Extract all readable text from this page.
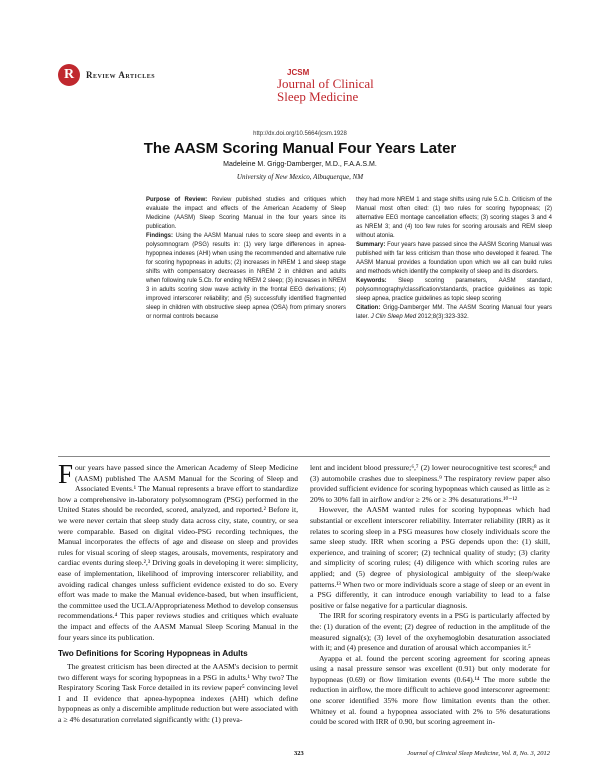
R	Review Articles	JCSM
Journal of Clinical
Sleep Medicine
http://dx.doi.org/10.5664/jcsm.1928
The AASM Scoring Manual Four Years Later
Madeleine M. Grigg-Damberger, M.D., F.A.A.S.M.
University of New Mexico, Albuquerque, NM

Purpose of Review: Review published studies and critiques which evaluate the impact and effects of the American Academy of Sleep Medicine (AASM) Sleep Scoring Manual in the four years since its publication.

Findings: Using the AASM Manual rules to score sleep and events in a polysomnogram (PSG) results in: (1) very large differences in apnea-hypopnea indexes (AHI) when using the recommended and alternative rule for scoring hypopneas in adults; (2) increases in NREM 1 and sleep stage shifts with compensatory decreases in NREM 2 in children and adults when following rule 5.Cb. for ending NREM 2 sleep; (3) increases in NREM 3 in adults scoring slow wave activity in the frontal EEG derivations; (4) improved interscorer reliability; and (5) successfully identified fragmented sleep in children with obstructive sleep apnea (OSA) from primary snorers or normal controls because

they had more NREM 1 and stage shifts using rule 5.C.b. Criticism of the Manual most often cited: (1) two rules for scoring hypopneas; (2) alternative EEG montage cancellation effects; (3) scoring stages 3 and 4 as NREM 3; and (4) too few rules for scoring arousals and REM sleep without atonia.

Summary: Four years have passed since the AASM Scoring Manual was published with far less criticism than those who developed it feared. The AASM Manual provides a foundation upon which we all can build rules and methods which identify the complexity of sleep and its disorders.

Keywords: Sleep scoring parameters, AASM standard, polysomnography/classification/standards, practice guidelines as topic sleep apnea, practice guidelines as topic sleep scoring

Citation: Grigg-Damberger MM. The AASM Scoring Manual four years later. J Clin Sleep Med 2012;8(3):323-332.

Four years have passed since the American Academy of Sleep Medicine (AASM) published The AASM Manual for the Scoring of Sleep and Associated Events.¹ The Manual represents a brave effort to standardize how a comprehensive in-laboratory polysomnogram (PSG) performed in the United States should be recorded, scored, analyzed, and reported.² Before it, we were never certain that sleep study data across city, state, country, or sea were comparable. Based on digital video-PSG recording techniques, the Manual incorporates the effects of age and disease on sleep and provides rules for visual scoring of sleep stages, arousals, movements, respiratory and cardiac events during sleep.²,³ Driving goals in developing it were: simplicity, ease of implementation, likelihood of improving interscorer reliability, and avoiding radical changes unless sufficient evidence existed to do so. Every effort was made to make the Manual evidence-based, but when insufficient, the committee used the UCLA/Appropriateness Method to develop consensus recommendations.⁴ This paper reviews studies and critiques which evaluate the impact and effects of the AASM Manual Sleep Scoring Manual in the four years since its publication.

Two Definitions for Scoring Hypopneas in Adults

The greatest criticism has been directed at the AASM's decision to permit two different ways for scoring hypopneas in a PSG in adults.¹ Why two? The Respiratory Scoring Task Force detailed in its review paper⁵ convincing level I and II evidence that apnea-hypopnea indexes (AHI) which define hypopneas as only a discernible amplitude reduction but were associated with a ≥ 4% desaturation correlated significantly with: (1) preva-

lent and incident blood pressure;⁶,⁷ (2) lower neurocognitive test scores;⁸ and (3) automobile crashes due to sleepiness.⁹ The respiratory review paper also provided sufficient evidence for scoring hypopneas which caused as little as ≥ 20% to 30% fall in airflow and/or ≥ 2% or ≥ 3% desaturations.¹⁰⁻¹²

However, the AASM wanted rules for scoring hypopneas which had substantial or excellent interscorer reliability. Interrater reliability (IRR) as it relates to scoring sleep in a PSG measures how closely individuals score the same sleep study. IRR when scoring a PSG depends upon the: (1) skill, experience, and training of scorer; (2) technical quality of study; (3) clarity and simplicity of scoring rules; (4) diligence with which scoring rules are applied; and (5) degree of physiological ambiguity of the sleep/wake patterns.¹³ When two or more individuals score a stage of sleep or an event in a PSG differently, it can introduce enough variability to lead to a false positive or false negative for a particular diagnosis.

The IRR for scoring respiratory events in a PSG is particularly affected by the: (1) duration of the event; (2) degree of reduction in the amplitude of the measured signal(s); (3) level of the oxyhemoglobin desaturation associated with it; and (4) presence and duration of arousal which accompanies it.⁵

Ayappa et al. found the percent scoring agreement for scoring apneas using a nasal pressure sensor was excellent (0.91) but only moderate for hypopneas (0.69) or flow limitation events (0.64).¹⁴ The more subtle the reduction in airflow, the more difficult to achieve good interscorer agreement: one scorer identified 35% more flow limitation events than the other. Whitney et al. found a hypopnea associated with 2% to 5% desaturations could be scored with IRR of 0.90, but scoring agreement in-

323	Journal of Clinical Sleep Medicine, Vol. 8, No. 3, 2012
